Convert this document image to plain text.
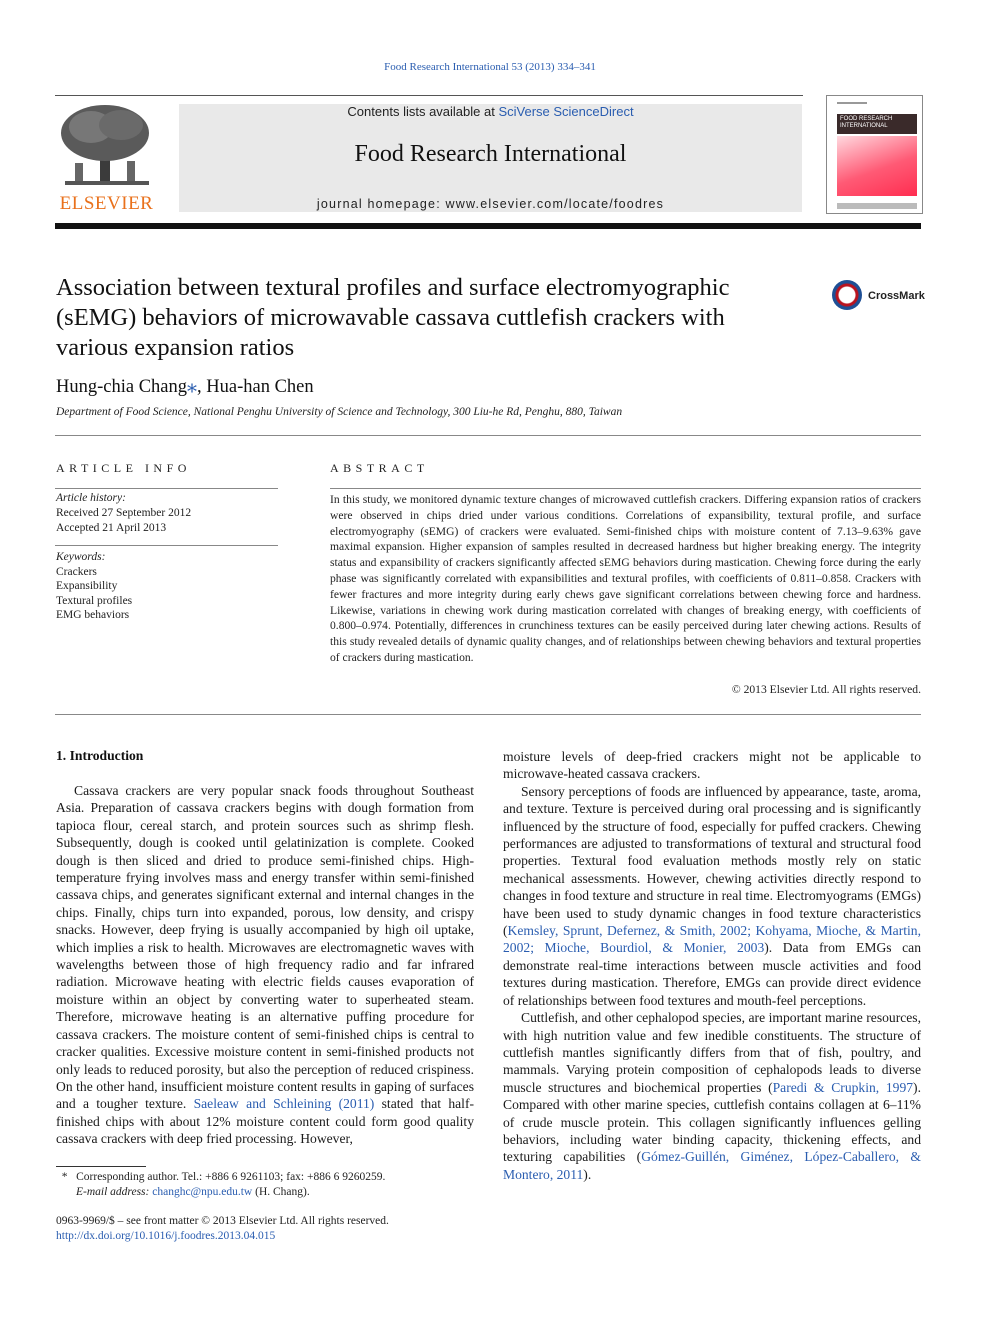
Food Research International 53 (2013) 334–341
ELSEVIER
Contents lists available at SciVerse ScienceDirect
Food Research International
journal homepage: www.elsevier.com/locate/foodres
FOOD RESEARCH INTERNATIONAL
Association between textural profiles and surface electromyographic (sEMG) behaviors of microwavable cassava cuttlefish crackers with various expansion ratios
CrossMark
Hung-chia Chang⁎, Hua-han Chen
Department of Food Science, National Penghu University of Science and Technology, 300 Liu-he Rd, Penghu, 880, Taiwan
ARTICLE INFO
Article history:
Received 27 September 2012
Accepted 21 April 2013
Keywords:
Crackers
Expansibility
Textural profiles
EMG behaviors
ABSTRACT
In this study, we monitored dynamic texture changes of microwaved cuttlefish crackers. Differing expansion ratios of crackers were observed in chips dried under various conditions. Correlations of expansibility, textural profile, and surface electromyography (sEMG) of crackers were evaluated. Semi-finished chips with moisture content of 7.13–9.63% gave maximal expansion. Higher expansion of samples resulted in decreased hardness but higher breaking energy. The integrity status and expansibility of crackers significantly affected sEMG behaviors during mastication. Chewing force during the early phase was significantly correlated with expansibilities and textural profiles, with coefficients of 0.811–0.858. Crackers with fewer fractures and more integrity during early chews gave significant correlations between chewing force and hardness. Likewise, variations in chewing work during mastication correlated with changes of breaking energy, with coefficients of 0.800–0.974. Potentially, differences in crunchiness textures can be easily perceived during later chewing actions. Results of this study revealed details of dynamic quality changes, and of relationships between chewing behaviors and textural properties of crackers during mastication.
© 2013 Elsevier Ltd. All rights reserved.
1. Introduction

Cassava crackers are very popular snack foods throughout Southeast Asia. Preparation of cassava crackers begins with dough formation from tapioca flour, cereal starch, and protein sources such as shrimp flesh. Subsequently, dough is cooked until gelatinization is complete. Cooked dough is then sliced and dried to produce semi-finished chips. High-temperature frying involves mass and energy transfer within semi-finished cassava chips, and generates significant external and internal changes in the chips. Finally, chips turn into expanded, porous, low density, and crispy snacks. However, deep frying is usually accompanied by high oil uptake, which implies a risk to health. Microwaves are electromagnetic waves with wavelengths between those of high frequency radio and far infrared radiation. Microwave heating with electric fields causes evaporation of moisture within an object by converting water to superheated steam. Therefore, microwave heating is an alternative puffing procedure for cassava crackers. The moisture content of semi-finished chips is central to cracker qualities. Excessive moisture content in semi-finished products not only leads to reduced porosity, but also the perception of reduced crispiness. On the other hand, insufficient moisture content results in gaping of surfaces and a tougher texture. Saeleaw and Schleining (2011) stated that half-finished chips with about 12% moisture content could form good quality cassava crackers with deep fried processing. However,

moisture levels of deep-fried crackers might not be applicable to microwave-heated cassava crackers.

Sensory perceptions of foods are influenced by appearance, taste, aroma, and texture. Texture is perceived during oral processing and is significantly influenced by the structure of food, especially for puffed crackers. Chewing performances are adjusted to transformations of textural and structural food properties. Textural food evaluation methods mostly rely on static mechanical assessments. However, chewing activities directly respond to changes in food texture and structure in real time. Electromyograms (EMGs) have been used to study dynamic changes in food texture characteristics (Kemsley, Sprunt, Defernez, & Smith, 2002; Kohyama, Mioche, & Martin, 2002; Mioche, Bourdiol, & Monier, 2003). Data from EMGs can demonstrate real-time interactions between muscle activities and food textures during mastication. Therefore, EMGs can provide direct evidence of relationships between food textures and mouth-feel perceptions.

Cuttlefish, and other cephalopod species, are important marine resources, with high nutrition value and few inedible constituents. The structure of cuttlefish mantles significantly differs from that of fish, poultry, and mammals. Varying protein composition of cephalopods leads to diverse muscle structures and biochemical properties (Paredi & Crupkin, 1997). Compared with other marine species, cuttlefish contains collagen at 6–11% of crude muscle protein. This collagen significantly influences gelling behaviors, including water binding capacity, thickening effects, and texturing capabilities (Gómez-Guillén, Giménez, López-Caballero, & Montero, 2011).

* Corresponding author. Tel.: +886 6 9261103; fax: +886 6 9260259.
E-mail address: changhc@npu.edu.tw (H. Chang).
0963-9969/$ – see front matter © 2013 Elsevier Ltd. All rights reserved.
http://dx.doi.org/10.1016/j.foodres.2013.04.015
